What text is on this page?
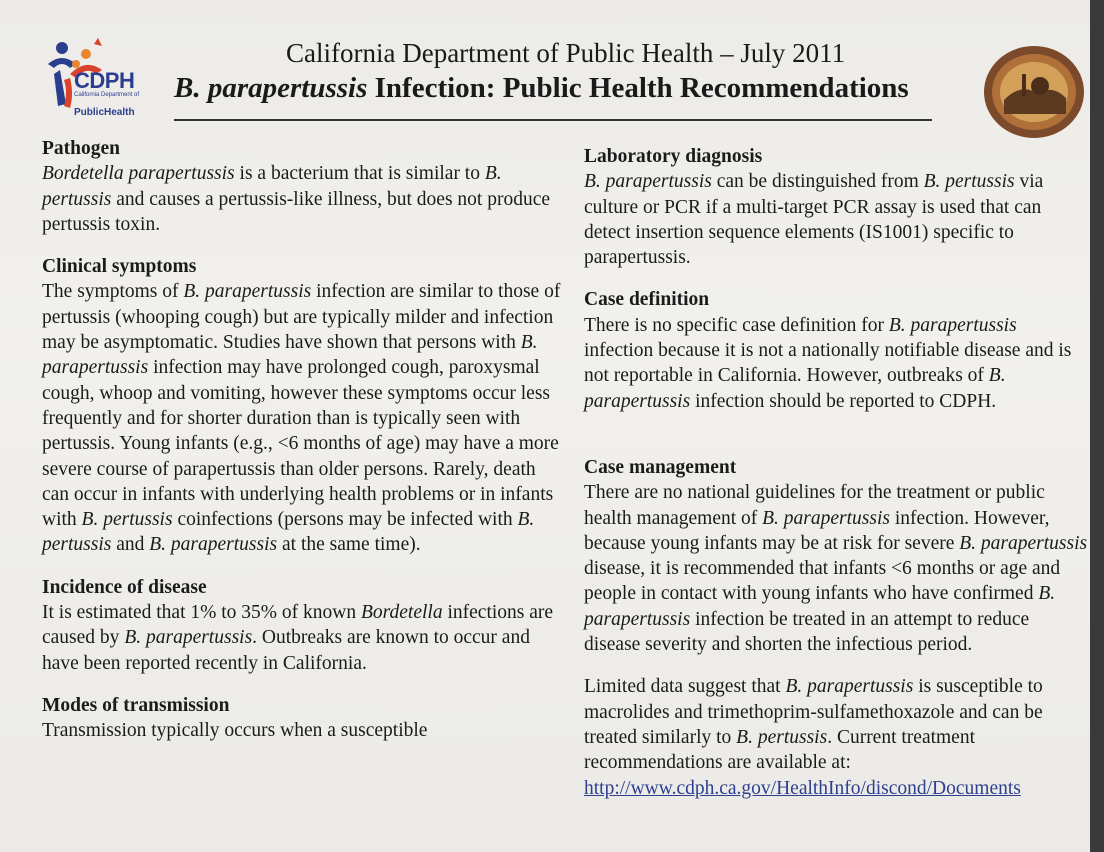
CDPH
California Department of
PublicHealth
California Department of Public Health – July 2011
B. parapertussis Infection: Public Health Recommendations
Pathogen

Bordetella parapertussis is a bacterium that is similar to B. pertussis and causes a pertussis-like illness, but does not produce pertussis toxin.

Clinical symptoms

The symptoms of B. parapertussis infection are similar to those of pertussis (whooping cough) but are typically milder and infection may be asymptomatic. Studies have shown that persons with B. parapertussis infection may have prolonged cough, paroxysmal cough, whoop and vomiting, however these symptoms occur less frequently and for shorter duration than is typically seen with pertussis. Young infants (e.g., <6 months of age) may have a more severe course of parapertussis than older persons. Rarely, death can occur in infants with underlying health problems or in infants with B. pertussis coinfections (persons may be infected with B. pertussis and B. parapertussis at the same time).

Incidence of disease

It is estimated that 1% to 35% of known Bordetella infections are caused by B. parapertussis. Outbreaks are known to occur and have been reported recently in California.

Modes of transmission

Transmission typically occurs when a susceptible

Laboratory diagnosis

B. parapertussis can be distinguished from B. pertussis via culture or PCR if a multi-target PCR assay is used that can detect insertion sequence elements (IS1001) specific to parapertussis.

Case definition

There is no specific case definition for B. parapertussis infection because it is not a nationally notifiable disease and is not reportable in California. However, outbreaks of B. parapertussis infection should be reported to CDPH.

Case management

There are no national guidelines for the treatment or public health management of B. parapertussis infection. However, because young infants may be at risk for severe B. parapertussis disease, it is recommended that infants <6 months or age and people in contact with young infants who have confirmed B. parapertussis infection be treated in an attempt to reduce disease severity and shorten the infectious period.

Limited data suggest that B. parapertussis is susceptible to macrolides and trimethoprim-sulfamethoxazole and can be treated similarly to B. pertussis. Current treatment recommendations are available at: http://www.cdph.ca.gov/HealthInfo/discond/Documents
